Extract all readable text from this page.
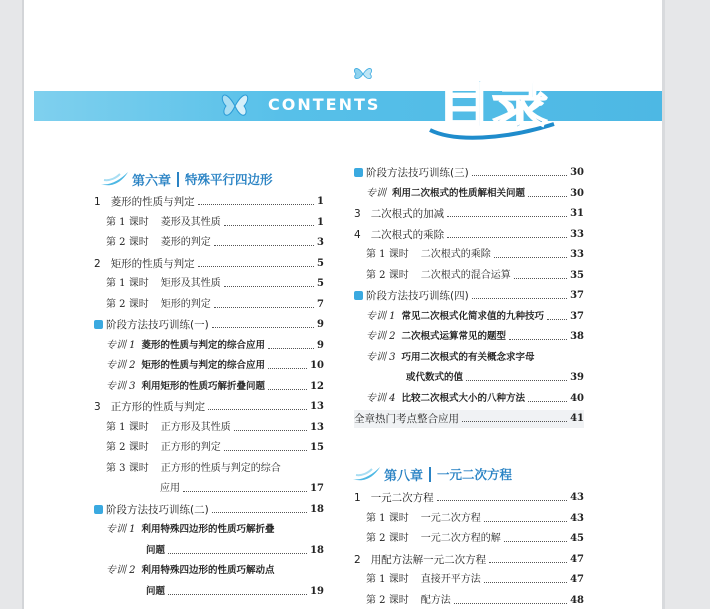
CONTENTS 目录
第六章 特殊平行四边形
1 菱形的性质与判定	1
第 1 课时 菱形及其性质	1
第 2 课时 菱形的判定	3
2 矩形的性质与判定	5
第 1 课时 矩形及其性质	5
第 2 课时 矩形的判定	7
阶段方法技巧训练(一)	9
专训 1 菱形的性质与判定的综合应用	9
专训 2 矩形的性质与判定的综合应用	10
专训 3 利用矩形的性质巧解折叠问题	12
3 正方形的性质与判定	13
第 1 课时 正方形及其性质	13
第 2 课时 正方形的判定	15
第 3 课时 正方形的性质与判定的综合
应用	17
阶段方法技巧训练(二)	18
专训 1 利用特殊四边形的性质巧解折叠
问题	18
专训 2 利用特殊四边形的性质巧解动点
问题	19
阶段方法技巧训练(三)	30
专训 利用二次根式的性质解相关问题	30
3 二次根式的加减	31
4 二次根式的乘除	33
第 1 课时 二次根式的乘除	33
第 2 课时 二次根式的混合运算	35
阶段方法技巧训练(四)	37
专训 1 常见二次根式化简求值的九种技巧	37
专训 2 二次根式运算常见的题型	38
专训 3 巧用二次根式的有关概念求字母
或代数式的值	39
专训 4 比较二次根式大小的八种方法	40
全章热门考点整合应用	41
第八章 一元二次方程
1 一元二次方程	43
第 1 课时 一元二次方程	43
第 2 课时 一元二次方程的解	45
2 用配方法解一元二次方程	47
第 1 课时 直接开平方法	47
第 2 课时 配方法	48
